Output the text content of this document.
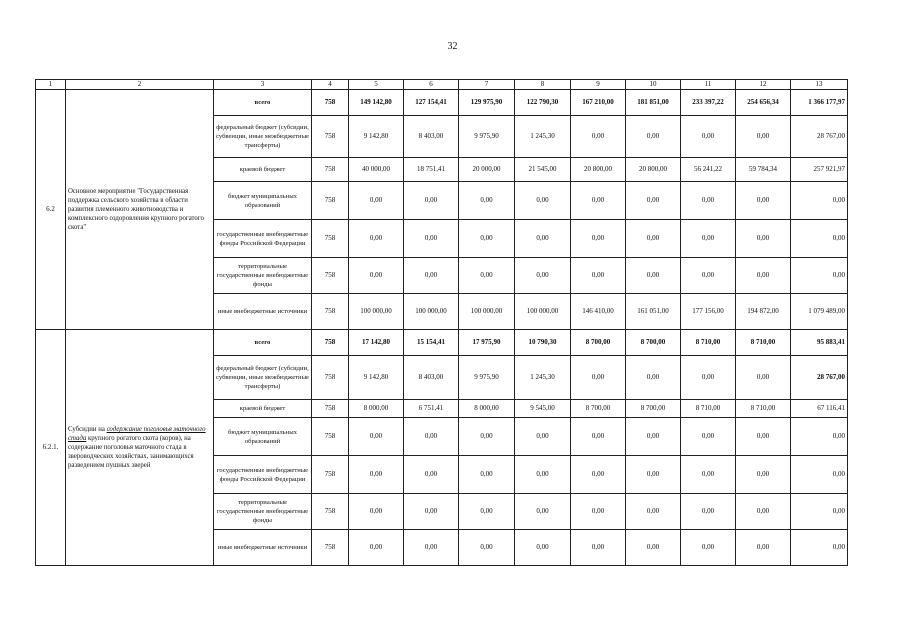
32
1	2	3	4	5	6	7	8	9	10	11	12	13
6.2	Основное мероприятие "Государственная поддержка сельского хозяйства в области развития племенного животноводства и комплексного оздоровления крупного рогатого скота"	всего	758	149 142,80	127 154,41	129 975,90	122 790,30	167 210,00	181 851,00	233 397,22	254 656,34	1 366 177,97
		федеральный бюджет (субсидии, субвенции, иные межбюджетные трансферты)	758	9 142,80	8 403,00	9 975,90	1 245,30	0,00	0,00	0,00	0,00	28 767,00
		краевой бюджет	758	40 000,00	18 751,41	20 000,00	21 545,00	20 800,00	20 800,00	56 241,22	59 784,34	257 921,97
		бюджет муниципальных образований	758	0,00	0,00	0,00	0,00	0,00	0,00	0,00	0,00	0,00
		государственные внебюджетные фонды Российской Федерации	758	0,00	0,00	0,00	0,00	0,00	0,00	0,00	0,00	0,00
		территориальные государственные внебюджетные фонды	758	0,00	0,00	0,00	0,00	0,00	0,00	0,00	0,00	0,00
		иные внебюджетные источники	758	100 000,00	100 000,00	100 000,00	100 000,00	146 410,00	161 051,00	177 156,00	194 872,00	1 079 489,00
6.2.1.	Субсидии на содержание поголовья маточного стада крупного рогатого скота (коров), на содержание поголовья маточного стада в звероводческих хозяйствах, занимающихся разведением пушных зверей	всего	758	17 142,80	15 154,41	17 975,90	10 790,30	8 700,00	8 700,00	8 710,00	8 710,00	95 883,41
		федеральный бюджет (субсидии, субвенции, иные межбюджетные трансферты)	758	9 142,80	8 403,00	9 975,90	1 245,30	0,00	0,00	0,00	0,00	28 767,00
		краевой бюджет	758	8 000,00	6 751,41	8 000,00	9 545,00	8 700,00	8 700,00	8 710,00	8 710,00	67 116,41
		бюджет муниципальных образований	758	0,00	0,00	0,00	0,00	0,00	0,00	0,00	0,00	0,00
		государственные внебюджетные фонды Российской Федерации	758	0,00	0,00	0,00	0,00	0,00	0,00	0,00	0,00	0,00
		территориальные государственные внебюджетные фонды	758	0,00	0,00	0,00	0,00	0,00	0,00	0,00	0,00	0,00
		иные внебюджетные источники	758	0,00	0,00	0,00	0,00	0,00	0,00	0,00	0,00	0,00
